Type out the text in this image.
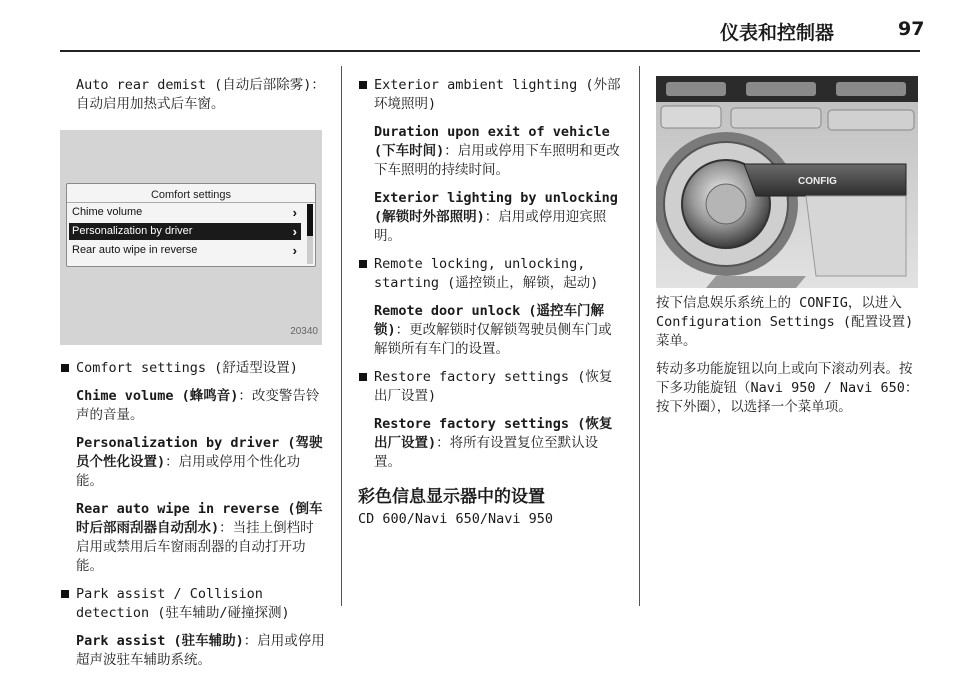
仪表和控制器	97
Auto rear demist (自动后部除雾)：
自动启用加热式后车窗。
Comfort settings
Chime volume	›
Personalization by driver	›
Rear auto wipe in reverse	›
20340

Comfort settings (舒适型设置)

Chime volume (蜂鸣音)：改变警告铃声的音量。

Personalization by driver (驾驶员个性化设置)：启用或停用个性化功能。

Rear auto wipe in reverse (倒车时后部雨刮器自动刮水)：当挂上倒档时启用或禁用后车窗雨刮器的自动打开功能。

Park assist / Collision detection (驻车辅助/碰撞探测)

Park assist (驻车辅助)：启用或停用超声波驻车辅助系统。

Exterior ambient lighting (外部环境照明)

Duration upon exit of vehicle (下车时间)：启用或停用下车照明和更改下车照明的持续时间。

Exterior lighting by unlocking (解锁时外部照明)：启用或停用迎宾照明。

Remote locking, unlocking, starting (遥控锁止，解锁，起动)

Remote door unlock (遥控车门解锁)：更改解锁时仅解锁驾驶员侧车门或解锁所有车门的设置。

Restore factory settings (恢复出厂设置)

Restore factory settings (恢复出厂设置)：将所有设置复位至默认设置。

彩色信息显示器中的设置
CD 600/Navi 650/Navi 950
CONFIG

按下信息娱乐系统上的 CONFIG，以进入 Configuration Settings (配置设置) 菜单。

转动多功能旋钮以向上或向下滚动列表。按下多功能旋钮（Navi 950 / Navi 650：按下外圈），以选择一个菜单项。
